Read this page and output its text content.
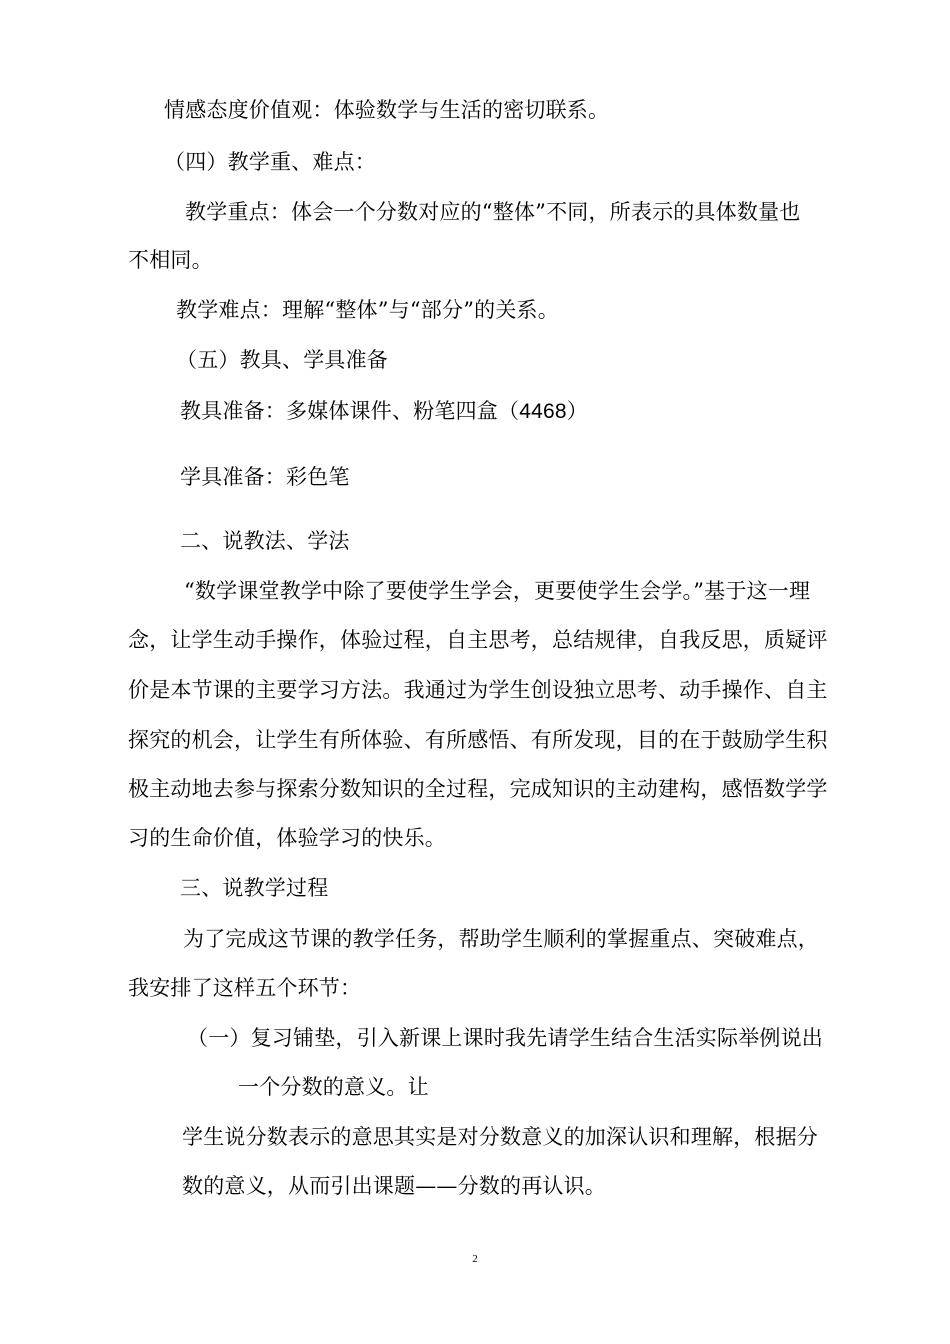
情感态度价值观：体验数学与生活的密切联系。
（四）教学重、难点：
教学重点：体会一个分数对应的“整体”不同，所表示的具体数量也
不相同。
教学难点：理解“整体”与“部分”的关系。
（五）教具、学具准备
教具准备：多媒体课件、粉笔四盒（4468）
学具准备：彩色笔
二、说教法、学法
“数学课堂教学中除了要使学生学会，更要使学生会学。”基于这一理
念，让学生动手操作，体验过程，自主思考，总结规律，自我反思，质疑评
价是本节课的主要学习方法。我通过为学生创设独立思考、动手操作、自主
探究的机会，让学生有所体验、有所感悟、有所发现，目的在于鼓励学生积
极主动地去参与探索分数知识的全过程，完成知识的主动建构，感悟数学学
习的生命价值，体验学习的快乐。
三、说教学过程
为了完成这节课的教学任务，帮助学生顺利的掌握重点、突破难点，
我安排了这样五个环节：
（一）复习铺垫，引入新课上课时我先请学生结合生活实际举例说出
一个分数的意义。让
学生说分数表示的意思其实是对分数意义的加深认识和理解，根据分
数的意义，从而引出课题——分数的再认识。
2
